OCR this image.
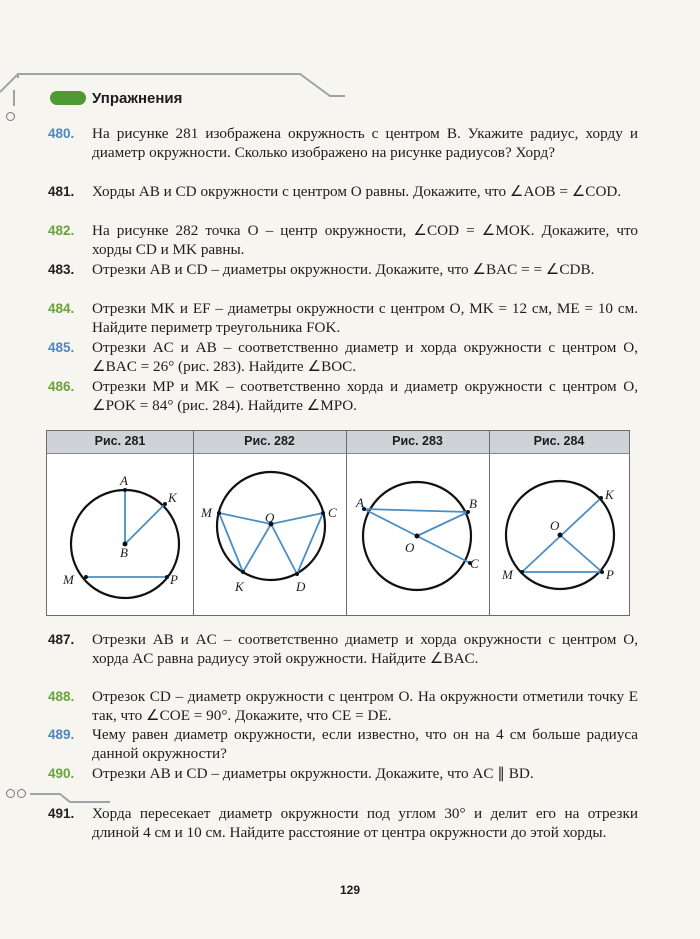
Упражнения
480. На рисунке 281 изображена окружность с центром B. Укажите радиус, хорду и диаметр окружности. Сколько изображено на рисунке радиусов? Хорд?
481. Хорды AB и CD окружности с центром O равны. Докажите, что ∠AOB = ∠COD.
482. На рисунке 282 точка O – центр окружности, ∠COD = ∠MOK. Докажите, что хорды CD и MK равны.
483. Отрезки AB и CD – диаметры окружности. Докажите, что ∠BAC = = ∠CDB.
484. Отрезки MK и EF – диаметры окружности с центром O, MK = 12 см, ME = 10 см. Найдите периметр треугольника FOK.
485. Отрезки AC и AB – соответственно диаметр и хорда окружности с центром O, ∠BAC = 26° (рис. 283). Найдите ∠BOC.
486. Отрезки MP и MK – соответственно хорда и диаметр окружности с центром O, ∠POK = 84° (рис. 284). Найдите ∠MPO.
Рис. 281
A
K
B
M	P
Рис. 282
M	O	C
K	D
Рис. 283
A	B
O
C
Рис. 284
K
O
M	P
487. Отрезки AB и AC – соответственно диаметр и хорда окружности с центром O, хорда AC равна радиусу этой окружности. Найдите ∠BAC.
488. Отрезок CD – диаметр окружности с центром O. На окружности отметили точку E так, что ∠COE = 90°. Докажите, что CE = DE.
489. Чему равен диаметр окружности, если известно, что он на 4 см больше радиуса данной окружности?
490. Отрезки AB и CD – диаметры окружности. Докажите, что AC ∥ BD.
491. Хорда пересекает диаметр окружности под углом 30° и делит его на отрезки длиной 4 см и 10 см. Найдите расстояние от центра окружности до этой хорды.
129
